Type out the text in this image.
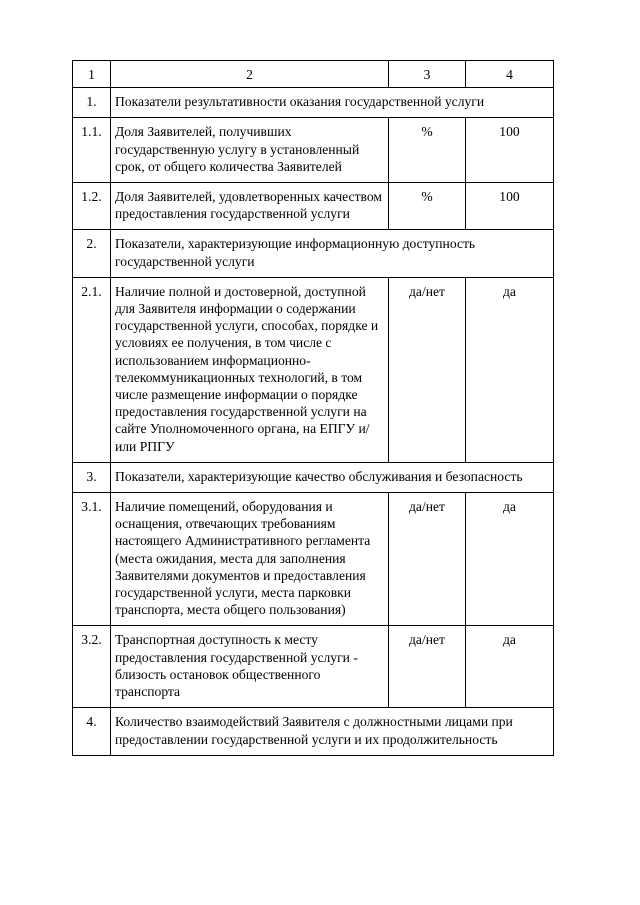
1	2	3	4
1.	Показатели результативности оказания государственной услуги		
1.1.	Доля Заявителей, получивших государственную услугу в установленный срок, от общего количества Заявителей	%	100
1.2.	Доля Заявителей, удовлетворенных качеством предоставления государственной услуги	%	100
2.	Показатели, характеризующие информационную доступность государственной услуги		
2.1.	Наличие полной и достоверной, доступной для Заявителя информации о содержании государственной услуги, способах, порядке и условиях ее получения, в том числе с использованием информационно-телекоммуникационных технологий, в том числе размещение информации о порядке предоставления государственной услуги на сайте Уполномоченного органа, на ЕПГУ и/или РПГУ	да/нет	да
3.	Показатели, характеризующие качество обслуживания и безопасность		
3.1.	Наличие помещений, оборудования и оснащения, отвечающих требованиям настоящего Административного регламента (места ожидания, места для заполнения Заявителями документов и предоставления государственной услуги, места парковки транспорта, места общего пользования)	да/нет	да
3.2.	Транспортная доступность к месту предоставления государственной услуги - близость остановок общественного транспорта	да/нет	да
4.	Количество взаимодействий Заявителя с должностными лицами при предоставлении государственной услуги и их продолжительность		
